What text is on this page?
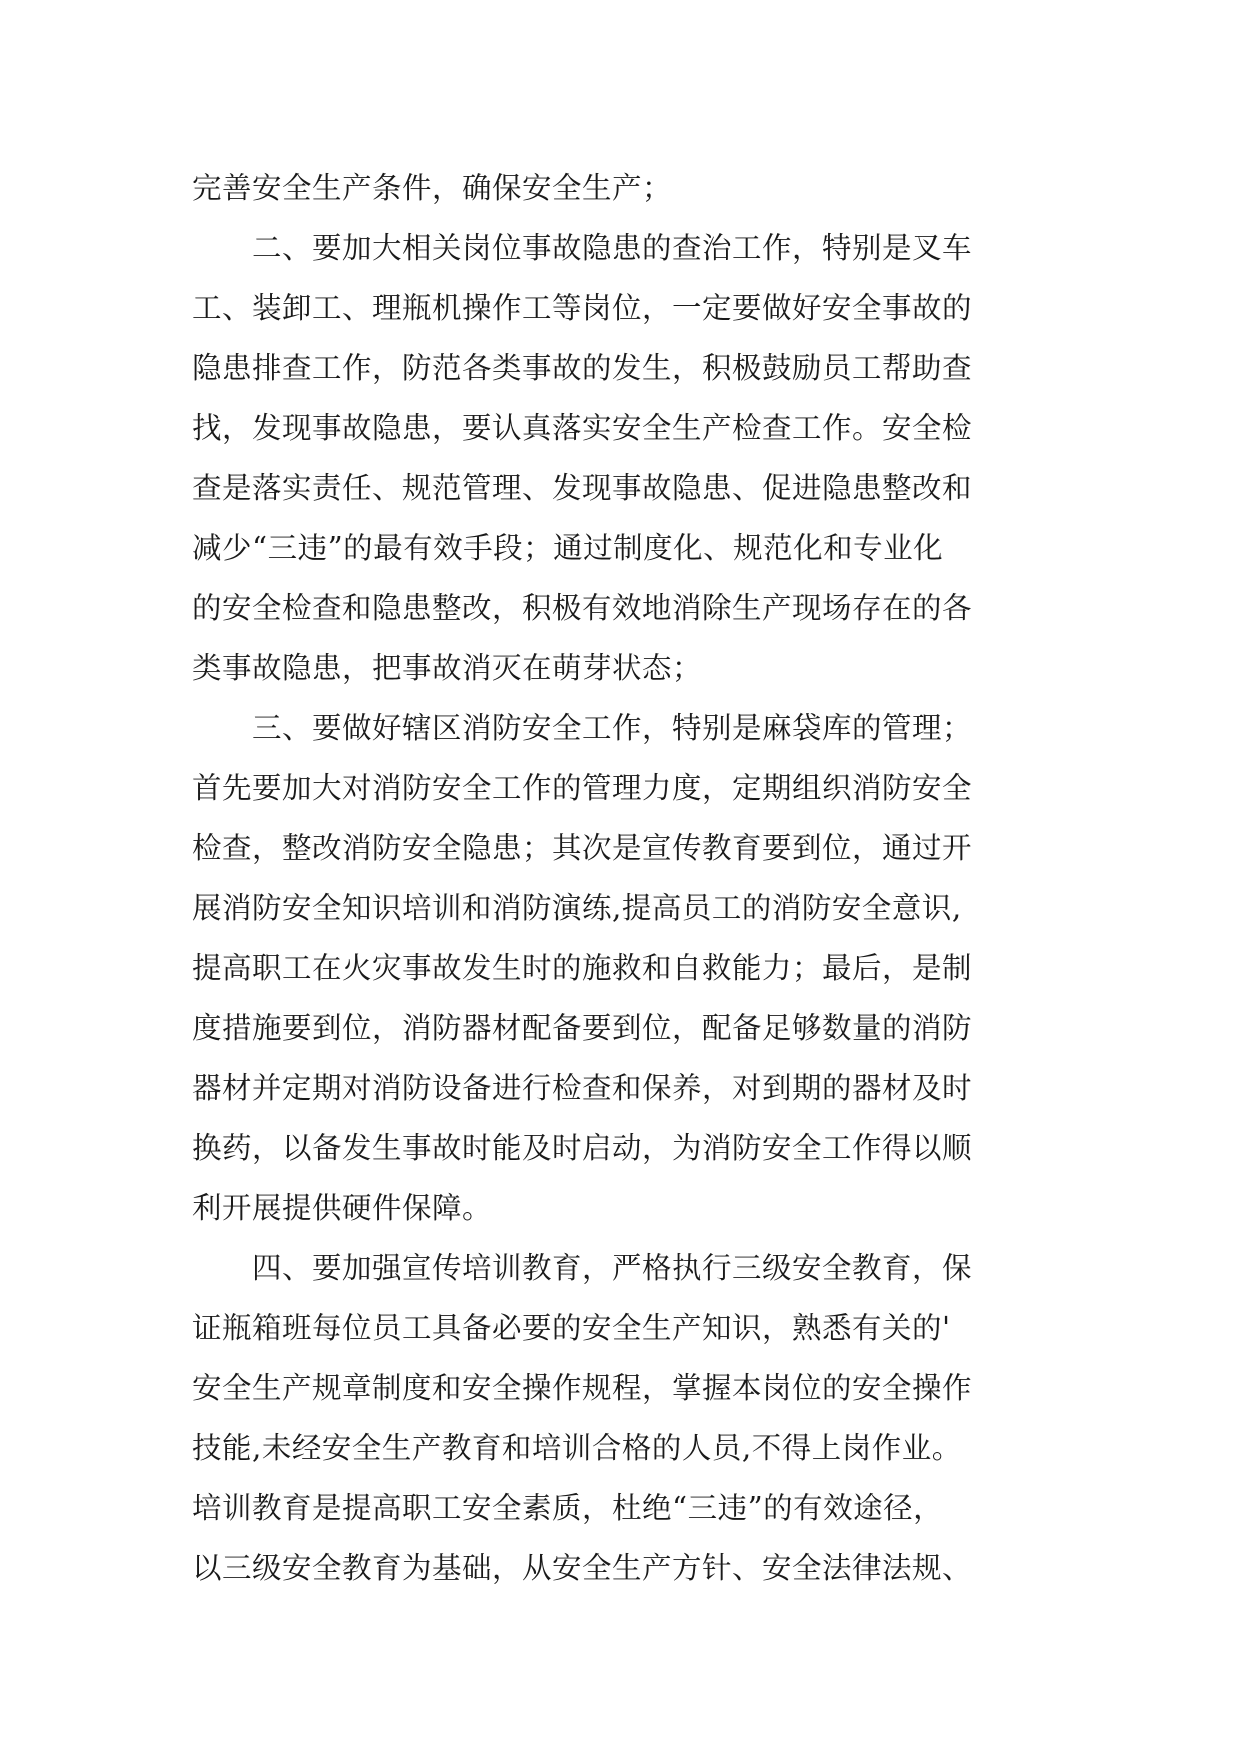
完善安全生产条件，确保安全生产；
二、要加大相关岗位事故隐患的查治工作，特别是叉车
工、装卸工、理瓶机操作工等岗位，一定要做好安全事故的
隐患排查工作，防范各类事故的发生，积极鼓励员工帮助查
找，发现事故隐患，要认真落实安全生产检查工作。安全检
查是落实责任、规范管理、发现事故隐患、促进隐患整改和
减少“三违”的最有效手段；通过制度化、规范化和专业化
的安全检查和隐患整改，积极有效地消除生产现场存在的各
类事故隐患，把事故消灭在萌芽状态；
三、要做好辖区消防安全工作，特别是麻袋库的管理；
首先要加大对消防安全工作的管理力度，定期组织消防安全
检查，整改消防安全隐患；其次是宣传教育要到位，通过开
展消防安全知识培训和消防演练,提高员工的消防安全意识,
提高职工在火灾事故发生时的施救和自救能力；最后，是制
度措施要到位，消防器材配备要到位，配备足够数量的消防
器材并定期对消防设备进行检查和保养，对到期的器材及时
换药，以备发生事故时能及时启动，为消防安全工作得以顺
利开展提供硬件保障。
四、要加强宣传培训教育，严格执行三级安全教育，保
证瓶箱班每位员工具备必要的安全生产知识，熟悉有关的'
安全生产规章制度和安全操作规程，掌握本岗位的安全操作
技能,未经安全生产教育和培训合格的人员,不得上岗作业。
培训教育是提高职工安全素质，杜绝“三违”的有效途径，
以三级安全教育为基础，从安全生产方针、安全法律法规、
